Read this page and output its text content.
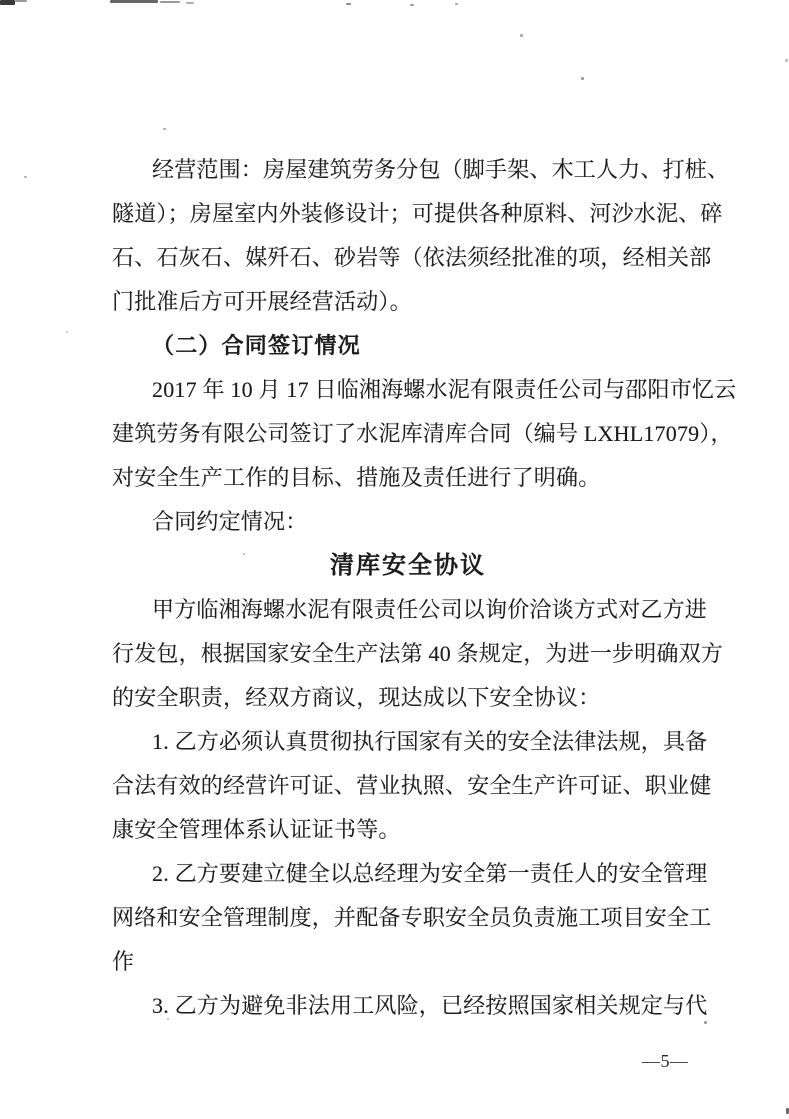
经营范围：房屋建筑劳务分包（脚手架、木工人力、打桩、
隧道）；房屋室内外装修设计；可提供各种原料、河沙水泥、碎
石、石灰石、媒歼石、砂岩等（依法须经批准的项，经相关部
门批准后方可开展经营活动）。
（二）合同签订情况
2017 年 10 月 17 日临湘海螺水泥有限责任公司与邵阳市忆云
建筑劳务有限公司签订了水泥库清库合同（编号 LXHL17079），
对安全生产工作的目标、措施及责任进行了明确。
合同约定情况：
清库安全协议
甲方临湘海螺水泥有限责任公司以询价洽谈方式对乙方进
行发包，根据国家安全生产法第 40 条规定，为进一步明确双方
的安全职责，经双方商议，现达成以下安全协议：
1. 乙方必须认真贯彻执行国家有关的安全法律法规，具备
合法有效的经营许可证、营业执照、安全生产许可证、职业健
康安全管理体系认证证书等。
2. 乙方要建立健全以总经理为安全第一责任人的安全管理
网络和安全管理制度，并配备专职安全员负责施工项目安全工
作
3. 乙方为避免非法用工风险，已经按照国家相关规定与代
—5—
